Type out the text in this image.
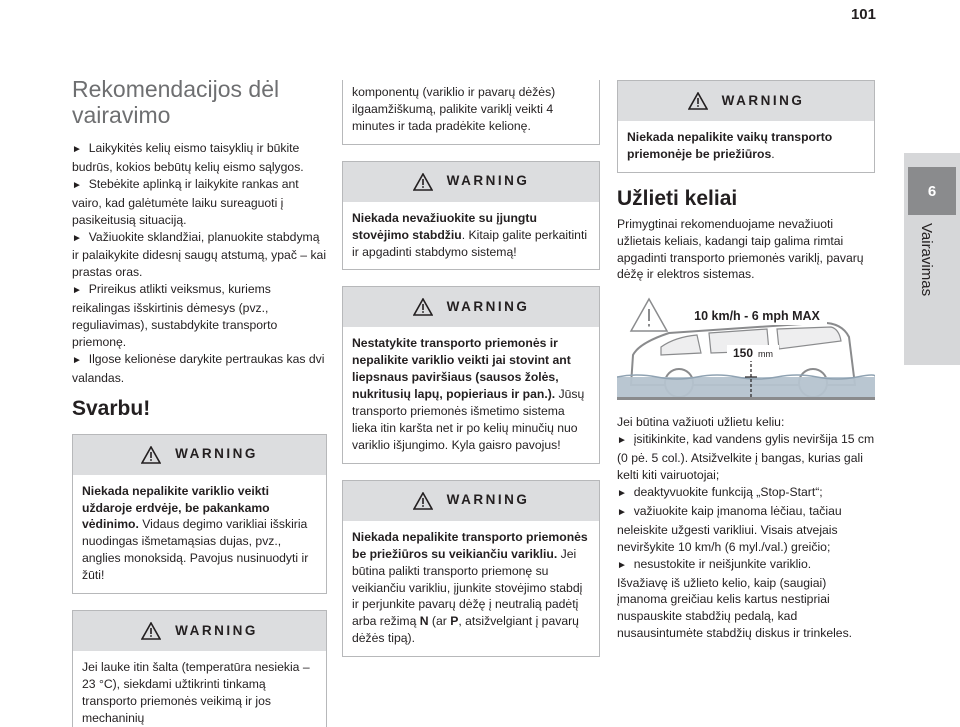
101
6
Vairavimas
Rekomendacijos dėl
vairavimo

► Laikykitės kelių eismo taisyklių ir būkite budrūs, kokios bebūtų kelių eismo sąlygos.

► Stebėkite aplinką ir laikykite rankas ant vairo, kad galėtumėte laiku sureaguoti į pasikeitusią situaciją.

► Važiuokite sklandžiai, planuokite stabdymą ir palaikykite didesnį saugų atstumą, ypač – kai prastas oras.

► Prireikus atlikti veiksmus, kuriems reikalingas išskirtinis dėmesys (pvz., reguliavimas), sustabdykite transporto priemonę.

► Ilgose kelionėse darykite pertraukas kas dvi valandas.

Svarbu!
WARNING
Niekada nepalikite variklio veikti uždaroje erdvėje, be pakankamo vėdinimo. Vidaus degimo varikliai išskiria nuodingas išmetamąsias dujas, pvz., anglies monoksidą. Pavojus nusinuodyti ir žūti!
WARNING
Jei lauke itin šalta (temperatūra nesiekia –23 °C), siekdami užtikrinti tinkamą transporto priemonės veikimą ir jos mechaninių
komponentų (variklio ir pavarų dėžės) ilgaamžiškumą, palikite variklį veikti 4 minutes ir tada pradėkite kelionę.
WARNING
Niekada nevažiuokite su įjungtu stovėjimo stabdžiu. Kitaip galite perkaitinti ir apgadinti stabdymo sistemą!
WARNING
Nestatykite transporto priemonės ir nepalikite variklio veikti jai stovint ant liepsnaus paviršiaus (sausos žolės, nukritusių lapų, popieriaus ir pan.). Jūsų transporto priemonės išmetimo sistema lieka itin karšta net ir po kelių minučių nuo variklio išjungimo. Kyla gaisro pavojus!
WARNING
Niekada nepalikite transporto priemonės be priežiūros su veikiančiu varikliu. Jei būtina palikti transporto priemonę su veikiančiu varikliu, įjunkite stovėjimo stabdį ir perjunkite pavarų dėžę į neutralią padėtį arba režimą N (ar P, atsižvelgiant į pavarų dėžės tipą).
WARNING
Niekada nepalikite vaikų transporto priemonėje be priežiūros.
Užlieti keliai

Primygtinai rekomenduojame nevažiuoti užlietais keliais, kadangi taip galima rimtai apgadinti transporto priemonės variklį, pavarų dėžę ir elektros sistemas.

10 km/h - 6 mph MAX
150 mm

Jei būtina važiuoti užlietu keliu:

► įsitikinkite, kad vandens gylis neviršija 15 cm (0 pė. 5 col.). Atsižvelkite į bangas, kurias gali kelti kiti vairuotojai;

► deaktyvuokite funkciją „Stop-Start“;

► važiuokite kaip įmanoma lėčiau, tačiau neleiskite užgesti varikliui. Visais atvejais neviršykite 10 km/h (6 myl./val.) greičio;

► nesustokite ir neišjunkite variklio.

Išvažiavę iš užlieto kelio, kaip (saugiai) įmanoma greičiau kelis kartus nestipriai nuspauskite stabdžių pedalą, kad nusausintumėte stabdžių diskus ir trinkeles.
